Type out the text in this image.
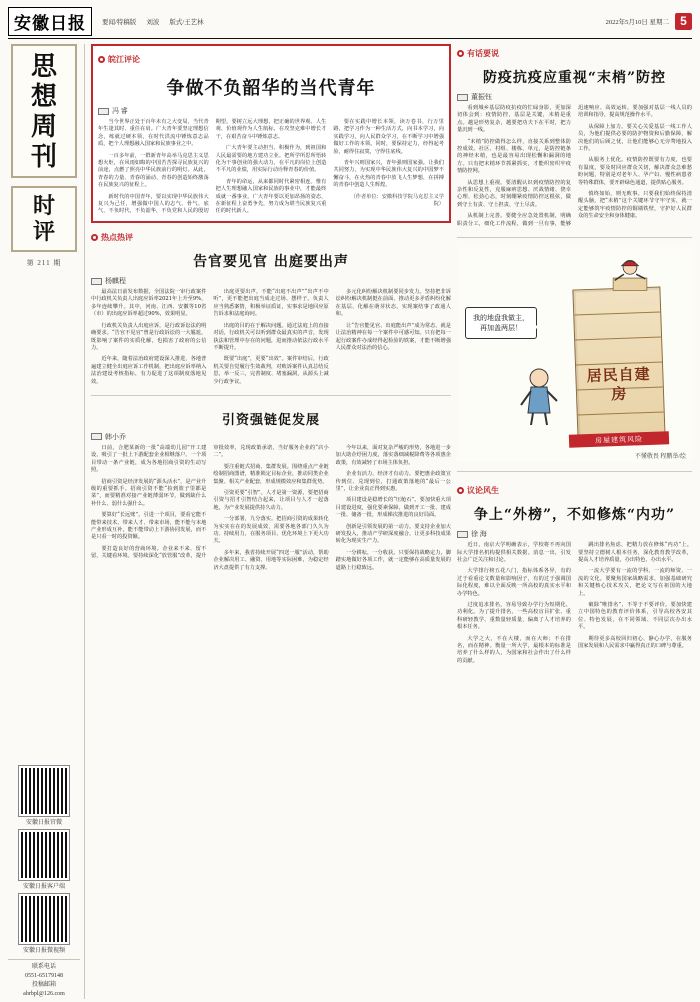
安徽日报	要闻/特稿版 刘波 版式/王艺林	2022年5月10日 星期二 5
思
想
周
刊
时
评
第 211 期
安徽日报官微
安徽日报客户端
安徽日报微视频
联系电话
0551-65179148
投稿邮箱
ahrbpl@126.com
皖江评论
争做不负韶华的当代青年
冯 睿

当今世界正处于百年未有之大变局，当代青年生逢其时、重任在肩。广大青年要坚定理想信念，练就过硬本领，在时代洪流中锤炼意志品质，把个人理想融入国家和民族事业之中。

一百多年前，一群新青年高举马克思主义思想火炬，在风雨如晦的中国苦苦探寻民族复兴的前途，点燃了照亮中华民族前行的明灯。从此，青春的力量、青春的涌动、青春的创造始终激荡在民族复兴的征程上。

新时代的中国青年，要以实现中华民族伟大复兴为己任，增强做中国人的志气、骨气、底气，不负时代，不负韶华，不负党和人民的殷切期望。要树立远大理想，把正确的世界观、人生观、价值观作为人生航标，在攻坚克难中增长才干，在艰苦奋斗中锤炼意志。

广大青年要主动担当、积极作为，到祖国和人民最需要的地方建功立业。把所学所思所悟转化为干事创业的强大动力，在平凡的岗位上创造不平凡的业绩，用实际行动诠释青春的价值。

青年的命运，从来都同时代紧密相连。惟有把人生理想融入国家和民族的事业中，才能最终成就一番事业。广大青年要以更加昂扬的姿态，在新征程上奋勇争先，努力成为堪当民族复兴重任的时代新人。

要在实践中增长本领。读万卷书，行万里路，把学习作为一种生活方式，向书本学习，向实践学习，向人民群众学习，在不断学习中增强做好工作的本领。同时，要保持定力，经得起考验，耐得住寂寞，守得住底线。

青年兴则国家兴，青年强则国家强。让我们共同努力，为实现中华民族伟大复兴的中国梦不懈奋斗，在火热的青春中放飞人生梦想，在拼搏的青春中创造人生辉煌。

（作者单位：安徽科技学院马克思主义学院）

热点热评
告官要见官 出庭要出声
杨麒程

最高法日前发布数据，全国法院一审行政案件中行政机关负责人出庭应诉率2021年上升至9%，多年连续攀升。其中，河南、江西、安徽等10省（市）的出庭应诉率超过90%，效果明显。

行政机关负责人出庭应诉，是行政诉讼法的明确要求。“告官不见官”曾是行政诉讼的一大尴尬，既影响了案件的实质化解，也损害了政府的公信力。

近年来，随着法治政府建设深入推进，各地普遍建立健全出庭应诉工作机制，把出庭应诉率纳入法治建设考核指标，有力促进了这项制度落地见效。

出庭更要出声。不能“出庭不出声”“出声不中听”，更不能把出庭当成走过场、摆样子。负责人应当熟悉案情，积极举证质证，实事求是地回应原告诉求和法庭询问。

出庭的目的在于解决问题。通过法庭上的直接对话，行政机关可以听到群众最真实的声音，发现执法和管理中存在的问题，进而推动依法行政水平不断提升。

既要“出庭”，更要“出效”。案件审结后，行政机关要自觉履行生效裁判，对败诉案件认真总结反思，举一反三，完善制度、堵塞漏洞，从源头上减少行政争议。

多元化纠纷解决机制要同步发力。坚持把非诉讼纠纷解决机制挺在前面，推动更多矛盾纠纷化解在基层、化解在萌芽状态，实现案结事了政通人和。

让“告官能见官、出庭能出声”成为常态，就是让法治精神在每一个案件中可感可知。只有把每一起行政案件办成经得起检验的铁案，才能不断增强人民群众对法治的信心。

引资强链促发展
韩小乔

日前，合肥某新的一批“高端幼儿园”开工建设，吸引了一批上下游配套企业相继落户。一个项目带动一条产业链，成为各地招商引资的生动写照。

招商引资是经济发展的“源头活水”，是产业升级的重要抓手。招商引资不能“捡到篮子里都是菜”，而要精准对接产业链薄弱环节，做到缺什么补什么、弱什么强什么。

要算好“长远账”。引进一个项目，要看它能不能带来技术、带来人才、带来市场，能不能与本地产业形成互补，能不能带动上下游协同发展，而不是只看一时的投资额。

要打造良好的营商环境。企业来不来、留不留，关键看环境。要持续深化“放管服”改革，提升审批效率，兑现政策承诺，当好服务企业的“店小二”。

要注重链式招商、集群发展。围绕重点产业链绘制招商图谱，精准锁定目标企业，推动同类企业集聚、相关产业配套，形成规模效应和集群优势。

引资更要“引智”。人才是第一资源，要把招商引资与招才引智结合起来，让项目与人才一起落地，为产业发展提供持久动力。

一分部署，九分落实。把招商引资的成果转化为实实在在的发展成效，需要各地各部门久久为功、持续用力，在服务项目、优化环境上下更大功夫。

多年来，我省持续开展“四送一服”活动，帮助企业解决用工、融资、用地等实际困难，为稳定经济大盘提供了有力支撑。

今年以来，面对复杂严峻的形势，各地进一步加大助企纾困力度，落实落细减税降费等各项惠企政策，有效减轻了市场主体负担。

企业有活力，经济才有动力。要把惠企政策宣传到位、兑现到位，打通政策落地的“最后一公里”，让企业真正得到实惠。

项目建设是稳增长的“压舱石”。要加快重大项目建设进度，强化要素保障，做到开工一批、建成一批、储备一批，形成梯次推进的良好局面。

创新是引领发展的第一动力。要支持企业加大研发投入，推动产学研深度融合，让更多科技成果转化为现实生产力。

一分耕耘，一分收获。只要保持战略定力，脚踏实地做好各项工作，就一定能够在高质量发展的道路上行稳致远。

有话要说
防疫抗疫应重视“末梢”防控
董振钰

看到城乡基层防疫抗疫的忙碌身影，更加深切体会到：疫情防控，基层是关键，末梢是重点。越是形势复杂，越要把功夫下在平时，把力量沉到一线。

“末梢”防控做得怎么样，直接关系到整体防控成效。社区、村组、楼栋、单元，是防控链条的神经末梢，也是最容易出现松懈和漏洞的地方。只有把末梢环节抓紧抓实，才能织密织牢疫情防控网。

从思想上重视。要清醒认识到疫情防控的复杂性和反复性，克服麻痹思想、厌战情绪、侥幸心理、松劲心态，时刻绷紧疫情防控这根弦，做到守土有责、守土担责、守土尽责。

从机制上完善。要健全应急处置机制，明确职责分工，细化工作流程，做到一旦有事，能够迅速响应、高效运转。要加强对基层一线人员的培训和指导，提高规范操作水平。

从保障上加力。要关心关爱基层一线工作人员，为他们提供必要的防护物资和后勤保障，解决他们的后顾之忧，让他们能够心无旁骛地投入工作。

从服务上优化。疫情防控既要有力度，也要有温度。要及时回应群众关切，解决群众急难愁盼问题，特别是对老年人、孕产妇、慢性病患者等特殊群体，要开辟绿色通道，提供贴心服务。

慎终如始，则无败事。只要我们始终保持清醒头脑，把“末梢”这个关键环节守牢守实，就一定能够筑牢疫情防控的铜墙铁壁，守护好人民群众的生命安全和身体健康。

我的地盘我做主，再加盖两层！
居民自建房
房屋建筑风险
不懂敬畏 程鹏举/绘
议论风生
争上“外榜”，不如修炼“内功”
徐 海

近日，南京大学明确表示，学校将不再向国际大学排名机构提供相关数据。消息一出，引发社会广泛关注和讨论。

大学排行榜五花八门，指标体系各异，有的过于看重论文数量和影响因子，有的过于强调国际化程度，难以全面反映一所高校的真实水平和办学特色。

过度追求排名，容易导致办学行为短期化、功利化。为了提升排名，一些高校盲目扩张、重科研轻教学、重数量轻质量，偏离了人才培养的根本任务。

大学之大，不在大楼，而在大师；不在排名，而在精神。衡量一所大学，最根本的标准是培养了什么样的人，为国家和社会作出了什么样的贡献。

跳出排名焦虑，把精力放在修炼“内功”上。要坚持立德树人根本任务，深化教育教学改革，提高人才培养质量，办出特色、办出水平。

一流大学要有一流的学科、一流的师资、一流的文化。要聚焦国家战略需求，加强基础研究和关键核心技术攻关，把论文写在祖国的大地上。

破除“唯排名”，不等于不要评价。要加快建立中国特色的教育评价体系，引导高校各安其位、特色发展，在不同领域、不同层次办出水平。

期待更多高校回归初心、静心办学，在服务国家发展和人民需求中赢得真正的口碑与尊重。
